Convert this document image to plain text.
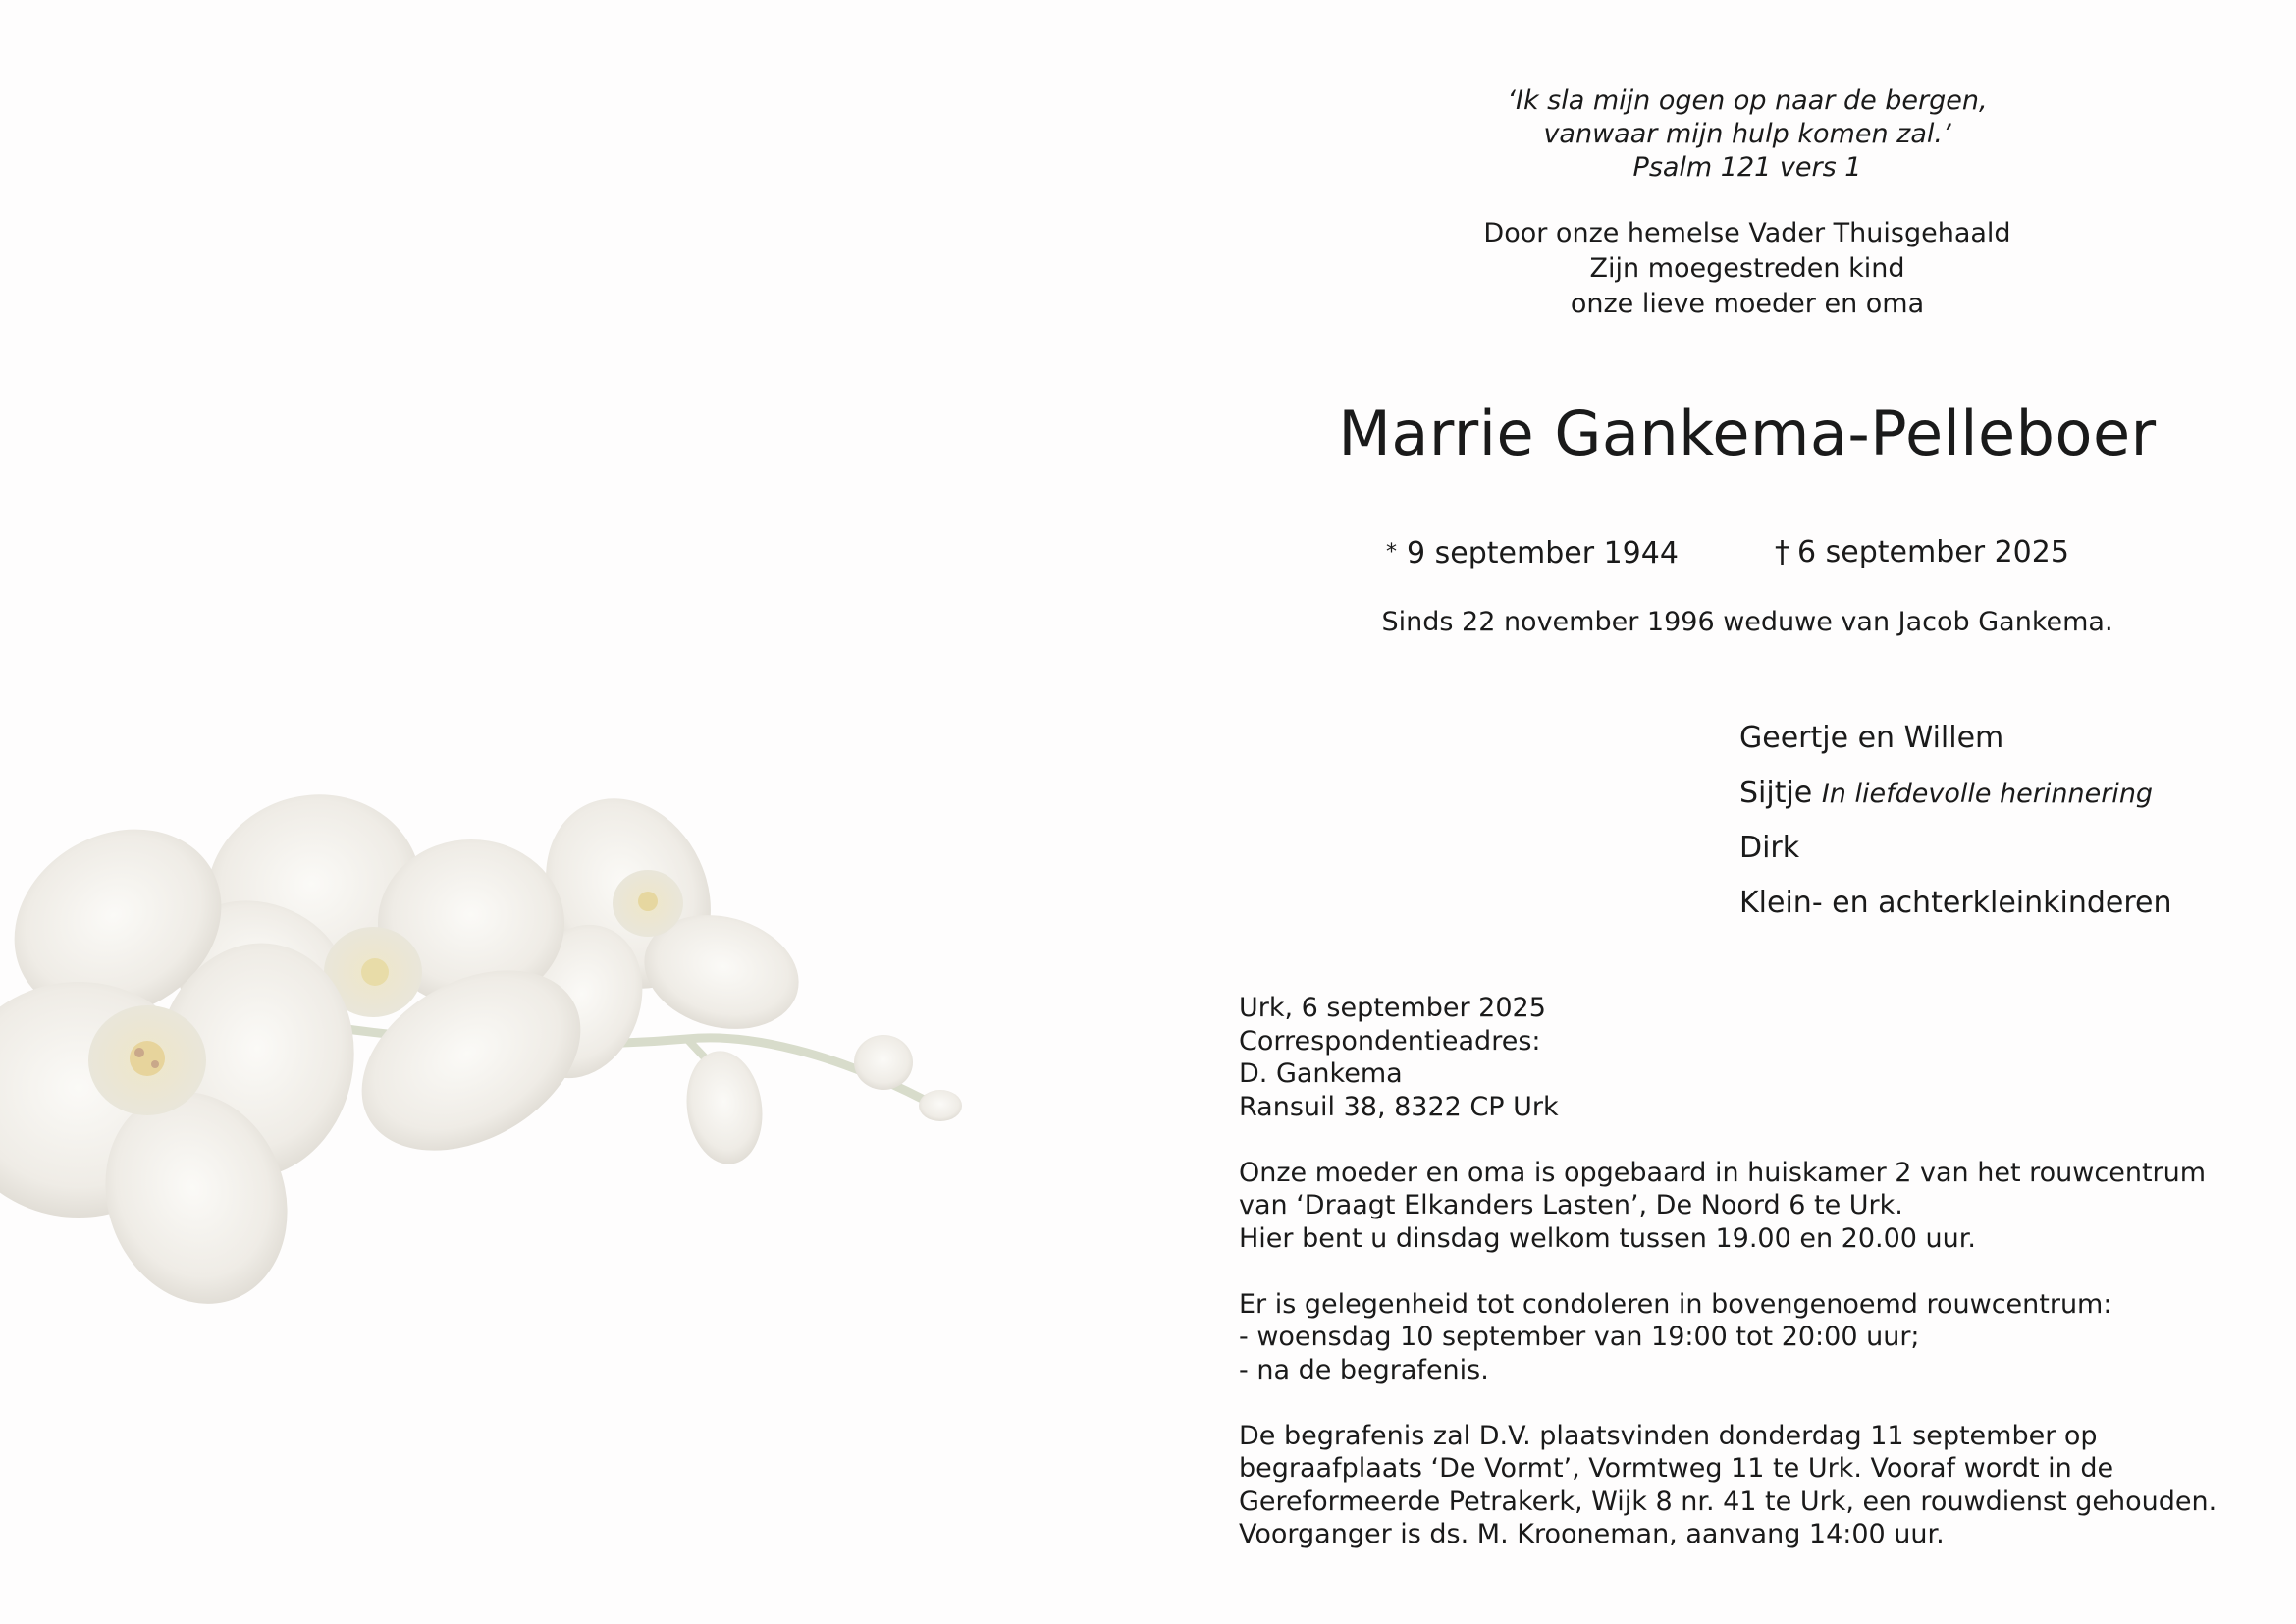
‘Ik sla mijn ogen op naar de bergen,
vanwaar mijn hulp komen zal.’
Psalm 121 vers 1
Door onze hemelse Vader Thuisgehaald
Zijn moegestreden kind
onze lieve moeder en oma
Marrie Gankema-Pelleboer
* 9 september 1944	† 6 september 2025
Sinds 22 november 1996 weduwe van Jacob Gankema.
Geertje en Willem
Sijtje In liefdevolle herinnering
Dirk
Klein- en achterkleinkinderen
Urk, 6 september 2025
Correspondentieadres:
D. Gankema
Ransuil 38, 8322 CP Urk
Onze moeder en oma is opgebaard in huiskamer 2 van het rouwcentrum
van ‘Draagt Elkanders Lasten’, De Noord 6 te Urk.
Hier bent u dinsdag welkom tussen 19.00 en 20.00 uur.
Er is gelegenheid tot condoleren in bovengenoemd rouwcentrum:
- woensdag 10 september van 19:00 tot 20:00 uur;
- na de begrafenis.
De begrafenis zal D.V. plaatsvinden donderdag 11 september op
begraafplaats ‘De Vormt’, Vormtweg 11 te Urk. Vooraf wordt in de
Gereformeerde Petrakerk, Wijk 8 nr. 41 te Urk, een rouwdienst gehouden.
Voorganger is ds. M. Krooneman, aanvang 14:00 uur.
